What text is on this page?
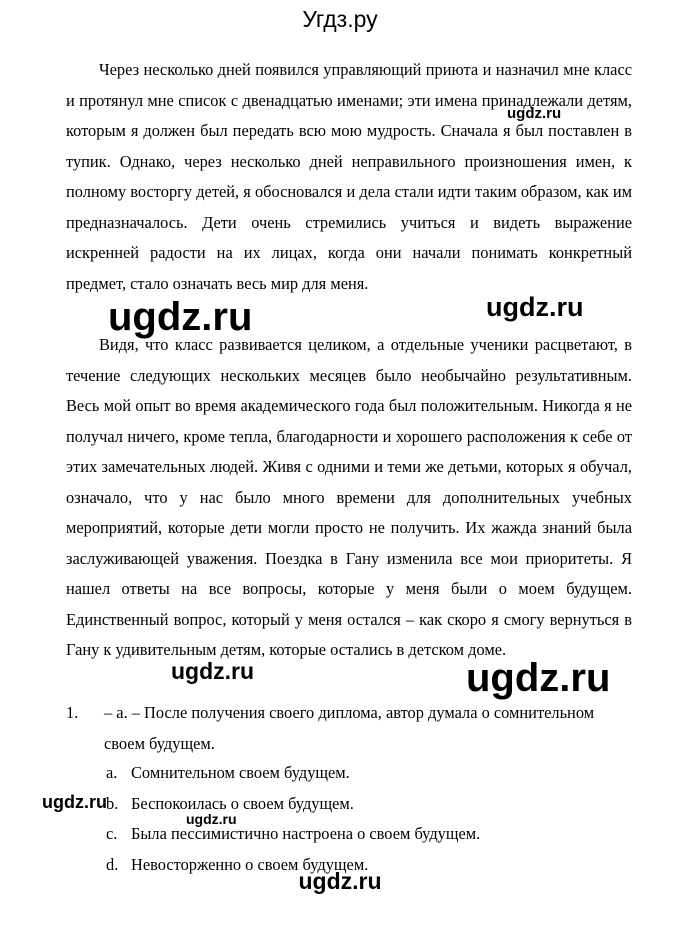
Угдз.ру

Через несколько дней появился управляющий приюта и назначил мне класс и протянул мне список с двенадцатью именами; эти имена принадлежали детям, которым я должен был передать всю мою мудрость. Сначала я был поставлен в тупик. Однако, через несколько дней неправильного произношения имен, к полному восторгу детей, я обосновался и дела стали идти таким образом, как им предназначалось. Дети очень стремились учиться и видеть выражение искренней радости на их лицах, когда они начали понимать конкретный предмет, стало означать весь мир для меня.

Видя, что класс развивается целиком, а отдельные ученики расцветают, в течение следующих нескольких месяцев было необычайно результативным. Весь мой опыт во время академического года был положительным. Никогда я не получал ничего, кроме тепла, благодарности и хорошего расположения к себе от этих замечательных людей. Живя с одними и теми же детьми, которых я обучал, означало, что у нас было много времени для дополнительных учебных мероприятий, которые дети могли просто не получить. Их жажда знаний была заслуживающей уважения. Поездка в Гану изменила все мои приоритеты. Я нашел ответы на все вопросы, которые у меня были о моем будущем. Единственный вопрос, который у меня остался – как скоро я смогу вернуться в Гану к удивительным детям, которые остались в детском доме.

1. – a. – После получения своего диплома, автор думала о сомнительном своем будущем.
a. Сомнительном своем будущем.
b. Беспокоилась о своем будущем.
c. Была пессимистично настроена о своем будущем.
d. Невосторженно о своем будущем.
ugdz.ru
ugdz.ru	ugdz.ru
ugdz.ru	ugdz.ru
ugdz.ru
ugdz.ru
ugdz.ru
